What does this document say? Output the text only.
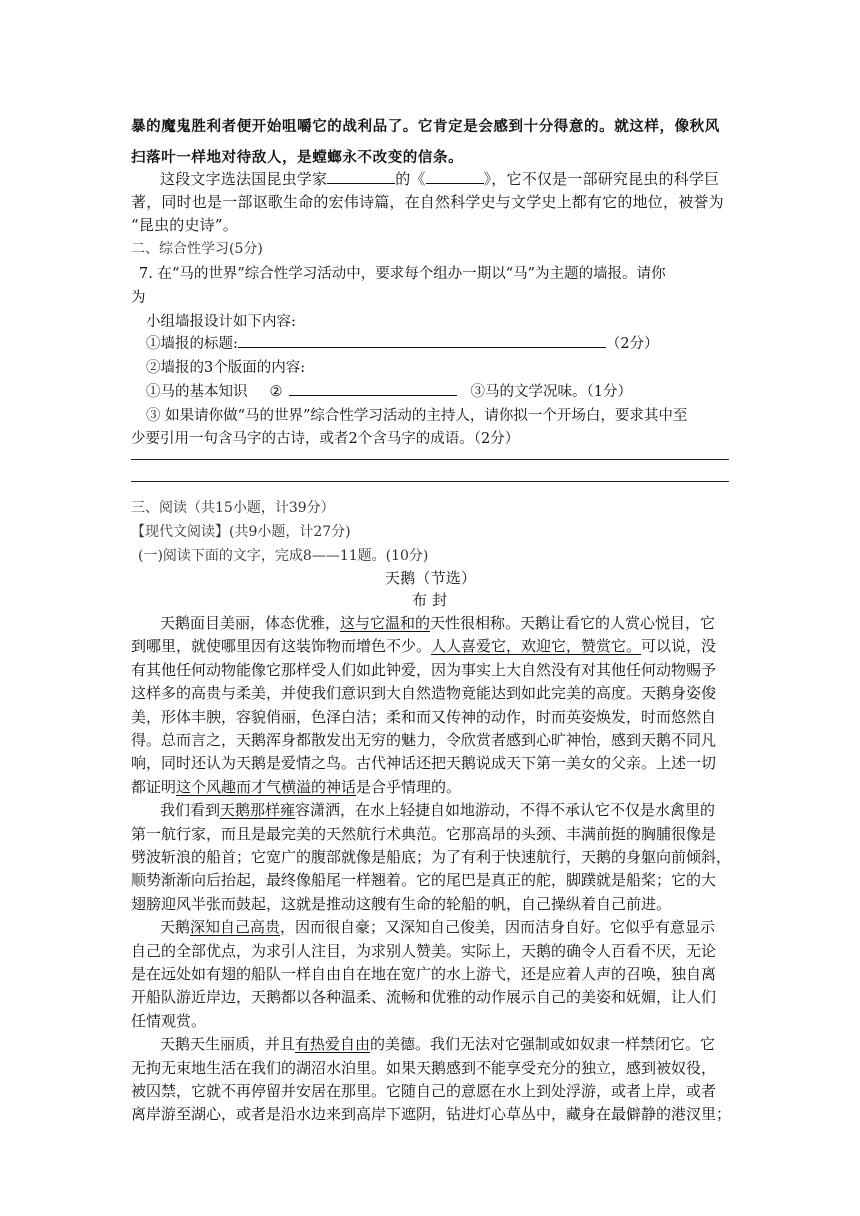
暴的魔鬼胜利者便开始咀嚼它的战利品了。它肯定是会感到十分得意的。就这样，像秋风
扫落叶一样地对待敌人，是螳螂永不改变的信条。
这段文字选法国昆虫学家	的《	》，它不仅是一部研究昆虫的科学巨
著，同时也是一部讴歌生命的宏伟诗篇，在自然科学史与文学史上都有它的地位，被誉为
“昆虫的史诗”。
二、综合性学习(5分)
7. 在“马的世界”综合性学习活动中，要求每个组办一期以“马”为主题的墙报。请你
为
小组墙报设计如下内容:
①墙报的标题:	（2分）
②墙报的3个版面的内容:
①马的基本知识 ②	③马的文学况味。（1分）
③ 如果请你做“马的世界”综合性学习活动的主持人，请你拟一个开场白，要求其中至
少要引用一句含马字的古诗，或者2个含马字的成语。（2分）
三、阅读（共15小题，计39分）
【现代文阅读】(共9小题，计27分)
(一)阅读下面的文字，完成8——11题。(10分)
天鹅（节选）
布 封
天鹅面目美丽，体态优雅，这与它温和的天性很相称。天鹅让看它的人赏心悦目，它
到哪里，就使哪里因有这装饰物而增色不少。人人喜爱它，欢迎它，赞赏它。可以说，没
有其他任何动物能像它那样受人们如此钟爱，因为事实上大自然没有对其他任何动物赐予
这样多的高贵与柔美，并使我们意识到大自然造物竟能达到如此完美的高度。天鹅身姿俊
美，形体丰腴，容貌俏丽，色泽白洁；柔和而又传神的动作，时而英姿焕发，时而悠然自
得。总而言之，天鹅浑身都散发出无穷的魅力，令欣赏者感到心旷神怡，感到天鹅不同凡
响，同时还认为天鹅是爱情之鸟。古代神话还把天鹅说成天下第一美女的父亲。上述一切
都证明这个风趣而才气横溢的神话是合乎情理的。
我们看到天鹅那样雍容潇洒，在水上轻捷自如地游动，不得不承认它不仅是水禽里的
第一航行家，而且是最完美的天然航行术典范。它那高昂的头颈、丰满前挺的胸脯很像是
劈波斩浪的船首；它宽广的腹部就像是船底；为了有利于快速航行，天鹅的身躯向前倾斜，
顺势渐渐向后抬起，最终像船尾一样翘着。它的尾巴是真正的舵，脚蹼就是船桨；它的大
翅膀迎风半张而鼓起，这就是推动这艘有生命的轮船的帆，自己操纵着自己前进。
天鹅深知自己高贵，因而很自豪；又深知自己俊美，因而洁身自好。它似乎有意显示
自己的全部优点，为求引人注目，为求别人赞美。实际上，天鹅的确令人百看不厌，无论
是在远处如有翅的船队一样自由自在地在宽广的水上游弋，还是应着人声的召唤，独自离
开船队游近岸边，天鹅都以各种温柔、流畅和优雅的动作展示自己的美姿和妩媚，让人们
任情观赏。
天鹅天生丽质，并且有热爱自由的美德。我们无法对它强制或如奴隶一样禁闭它。它
无拘无束地生活在我们的湖沼水泊里。如果天鹅感到不能享受充分的独立，感到被奴役，
被囚禁，它就不再停留并安居在那里。它随自己的意愿在水上到处浮游，或者上岸，或者
离岸游至湖心，或者是沿水边来到高岸下遮阴，钻进灯心草丛中，藏身在最僻静的港汊里；
